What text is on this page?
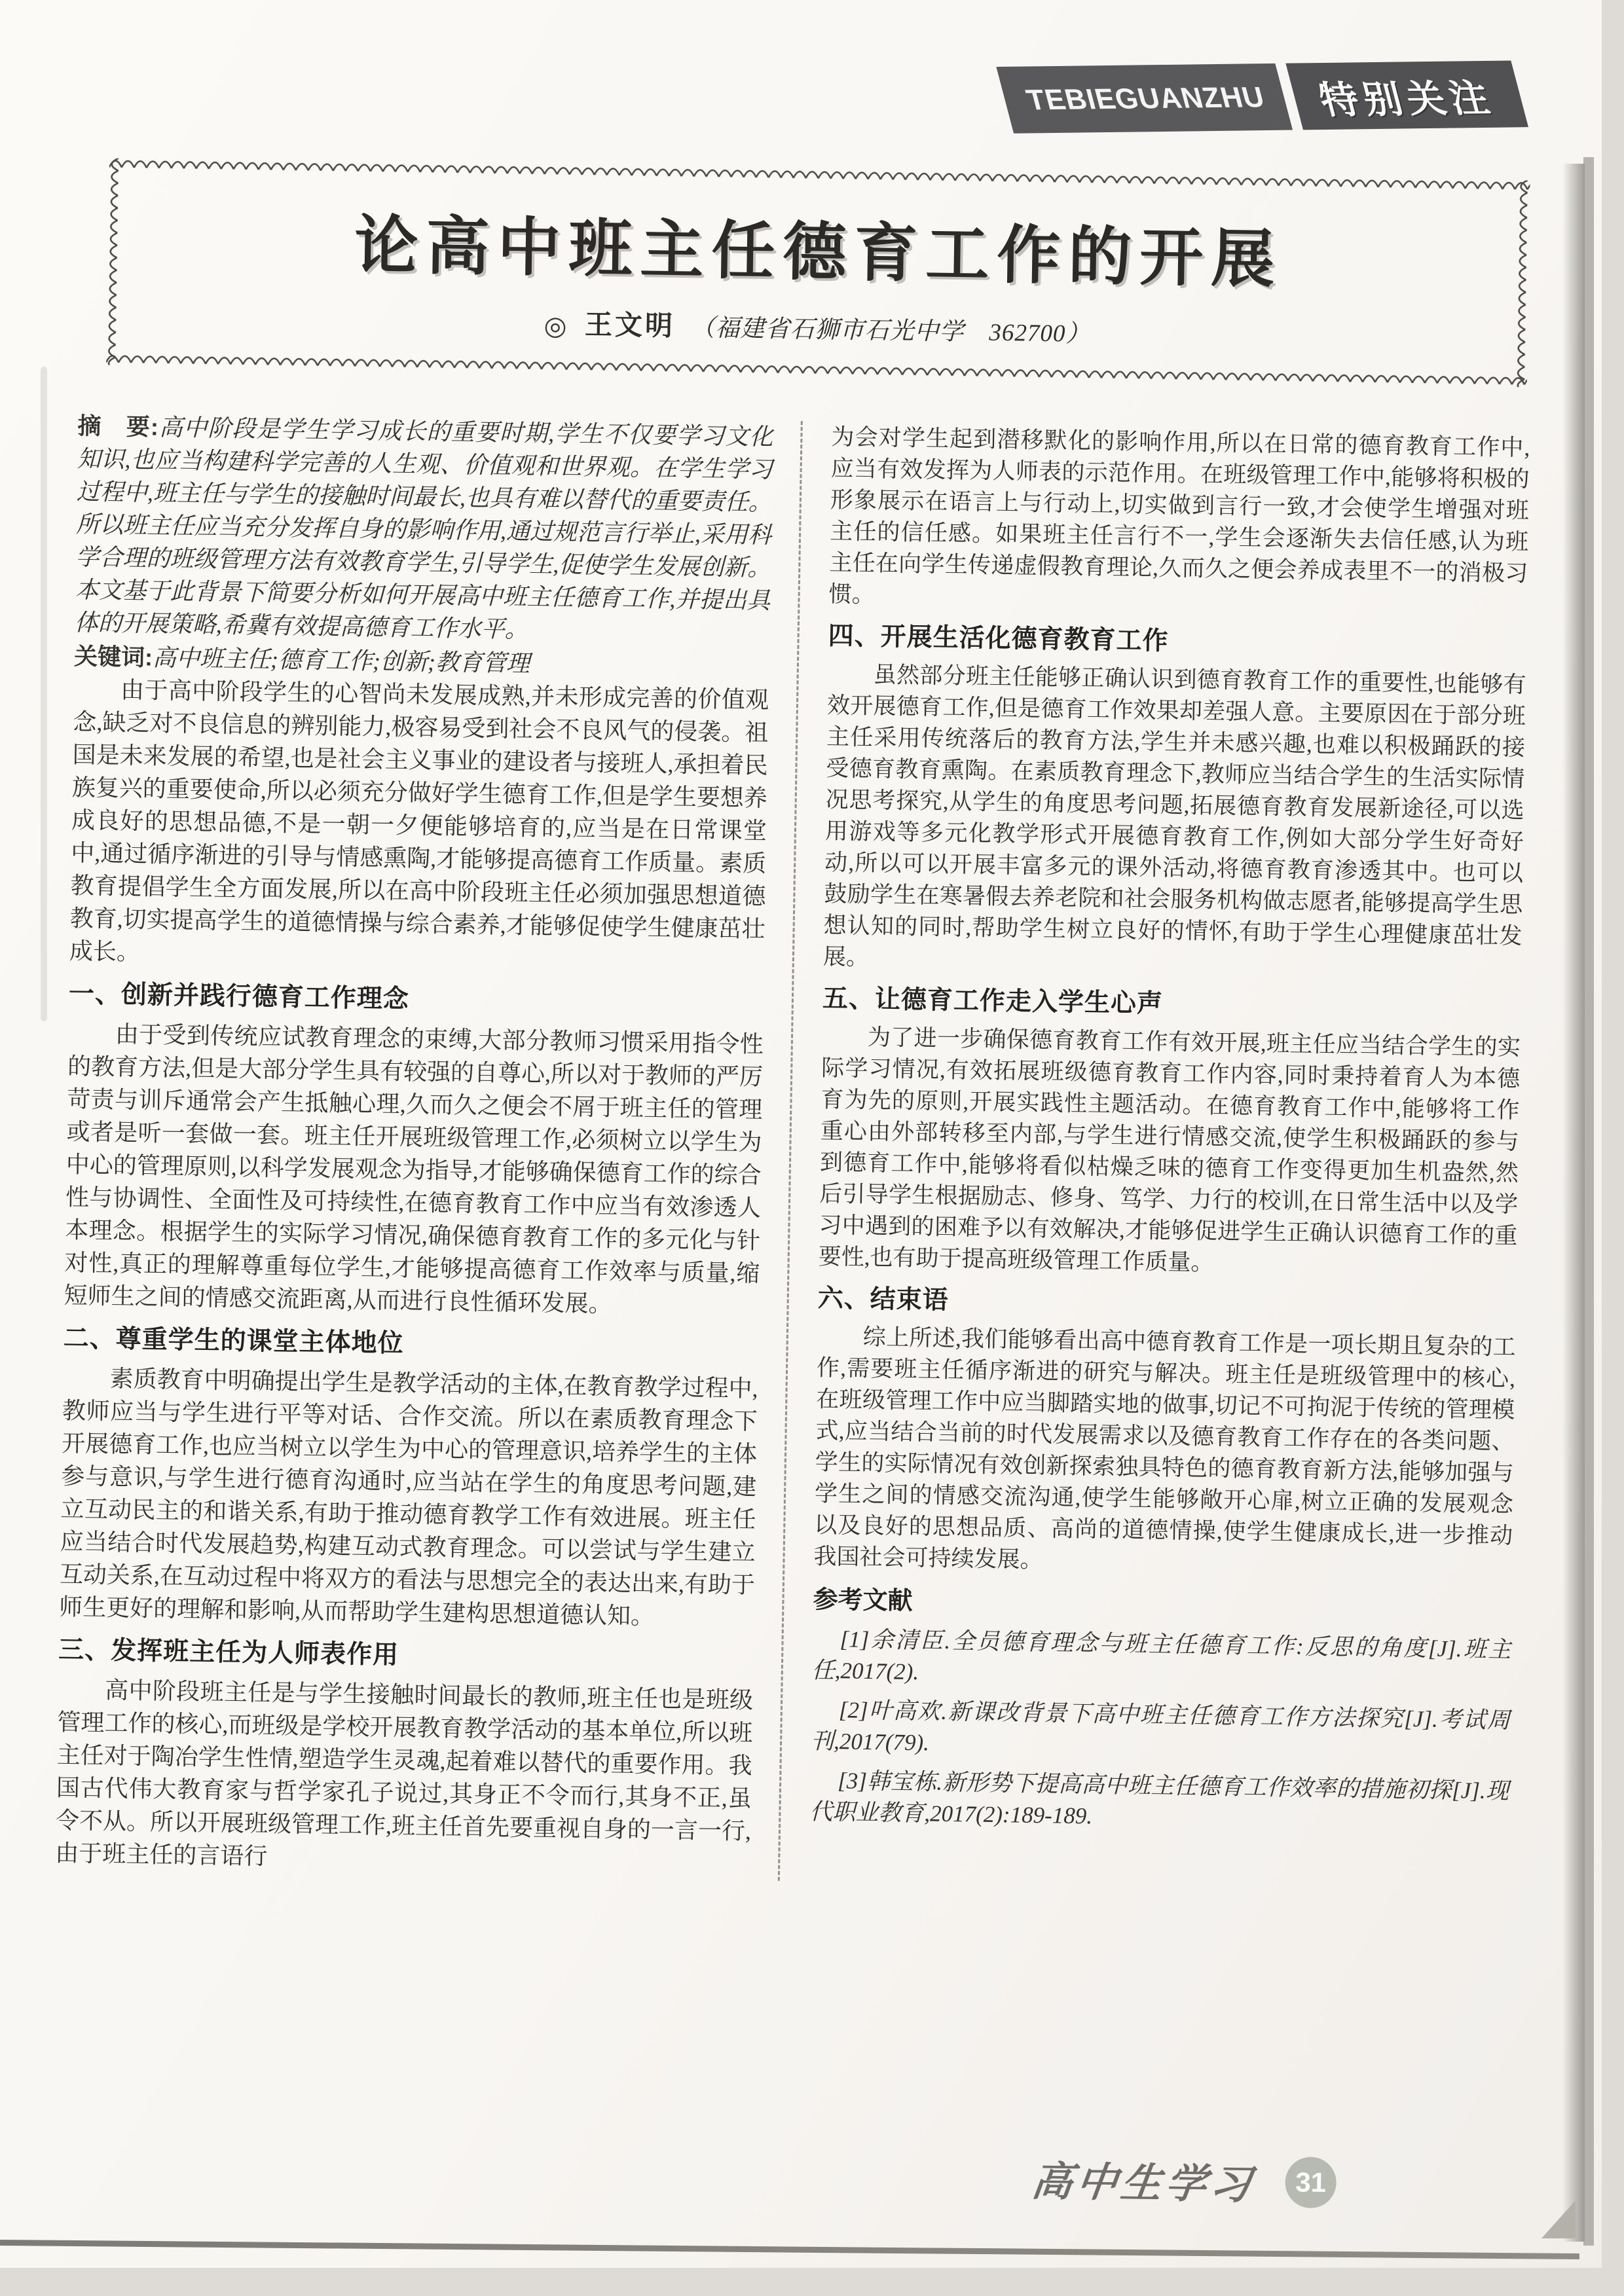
TEBIEGUANZHU	特别关注
论高中班主任德育工作的开展
◎ 王文明 （福建省石狮市石光中学　362700）

摘　要:高中阶段是学生学习成长的重要时期,学生不仅要学习文化知识,也应当构建科学完善的人生观、价值观和世界观。在学生学习过程中,班主任与学生的接触时间最长,也具有难以替代的重要责任。所以班主任应当充分发挥自身的影响作用,通过规范言行举止,采用科学合理的班级管理方法有效教育学生,引导学生,促使学生发展创新。本文基于此背景下简要分析如何开展高中班主任德育工作,并提出具体的开展策略,希冀有效提高德育工作水平。

关键词:高中班主任;德育工作;创新;教育管理

由于高中阶段学生的心智尚未发展成熟,并未形成完善的价值观念,缺乏对不良信息的辨别能力,极容易受到社会不良风气的侵袭。祖国是未来发展的希望,也是社会主义事业的建设者与接班人,承担着民族复兴的重要使命,所以必须充分做好学生德育工作,但是学生要想养成良好的思想品德,不是一朝一夕便能够培育的,应当是在日常课堂中,通过循序渐进的引导与情感熏陶,才能够提高德育工作质量。素质教育提倡学生全方面发展,所以在高中阶段班主任必须加强思想道德教育,切实提高学生的道德情操与综合素养,才能够促使学生健康茁壮成长。

一、创新并践行德育工作理念

由于受到传统应试教育理念的束缚,大部分教师习惯采用指令性的教育方法,但是大部分学生具有较强的自尊心,所以对于教师的严厉苛责与训斥通常会产生抵触心理,久而久之便会不屑于班主任的管理或者是听一套做一套。班主任开展班级管理工作,必须树立以学生为中心的管理原则,以科学发展观念为指导,才能够确保德育工作的综合性与协调性、全面性及可持续性,在德育教育工作中应当有效渗透人本理念。根据学生的实际学习情况,确保德育教育工作的多元化与针对性,真正的理解尊重每位学生,才能够提高德育工作效率与质量,缩短师生之间的情感交流距离,从而进行良性循环发展。

二、尊重学生的课堂主体地位

素质教育中明确提出学生是教学活动的主体,在教育教学过程中,教师应当与学生进行平等对话、合作交流。所以在素质教育理念下开展德育工作,也应当树立以学生为中心的管理意识,培养学生的主体参与意识,与学生进行德育沟通时,应当站在学生的角度思考问题,建立互动民主的和谐关系,有助于推动德育教学工作有效进展。班主任应当结合时代发展趋势,构建互动式教育理念。可以尝试与学生建立互动关系,在互动过程中将双方的看法与思想完全的表达出来,有助于师生更好的理解和影响,从而帮助学生建构思想道德认知。

三、发挥班主任为人师表作用

高中阶段班主任是与学生接触时间最长的教师,班主任也是班级管理工作的核心,而班级是学校开展教育教学活动的基本单位,所以班主任对于陶冶学生性情,塑造学生灵魂,起着难以替代的重要作用。我国古代伟大教育家与哲学家孔子说过,其身正不令而行,其身不正,虽令不从。所以开展班级管理工作,班主任首先要重视自身的一言一行,由于班主任的言语行

为会对学生起到潜移默化的影响作用,所以在日常的德育教育工作中,应当有效发挥为人师表的示范作用。在班级管理工作中,能够将积极的形象展示在语言上与行动上,切实做到言行一致,才会使学生增强对班主任的信任感。如果班主任言行不一,学生会逐渐失去信任感,认为班主任在向学生传递虚假教育理论,久而久之便会养成表里不一的消极习惯。

四、开展生活化德育教育工作

虽然部分班主任能够正确认识到德育教育工作的重要性,也能够有效开展德育工作,但是德育工作效果却差强人意。主要原因在于部分班主任采用传统落后的教育方法,学生并未感兴趣,也难以积极踊跃的接受德育教育熏陶。在素质教育理念下,教师应当结合学生的生活实际情况思考探究,从学生的角度思考问题,拓展德育教育发展新途径,可以选用游戏等多元化教学形式开展德育教育工作,例如大部分学生好奇好动,所以可以开展丰富多元的课外活动,将德育教育渗透其中。也可以鼓励学生在寒暑假去养老院和社会服务机构做志愿者,能够提高学生思想认知的同时,帮助学生树立良好的情怀,有助于学生心理健康茁壮发展。

五、让德育工作走入学生心声

为了进一步确保德育教育工作有效开展,班主任应当结合学生的实际学习情况,有效拓展班级德育教育工作内容,同时秉持着育人为本德育为先的原则,开展实践性主题活动。在德育教育工作中,能够将工作重心由外部转移至内部,与学生进行情感交流,使学生积极踊跃的参与到德育工作中,能够将看似枯燥乏味的德育工作变得更加生机盎然,然后引导学生根据励志、修身、笃学、力行的校训,在日常生活中以及学习中遇到的困难予以有效解决,才能够促进学生正确认识德育工作的重要性,也有助于提高班级管理工作质量。

六、结束语

综上所述,我们能够看出高中德育教育工作是一项长期且复杂的工作,需要班主任循序渐进的研究与解决。班主任是班级管理中的核心,在班级管理工作中应当脚踏实地的做事,切记不可拘泥于传统的管理模式,应当结合当前的时代发展需求以及德育教育工作存在的各类问题、学生的实际情况有效创新探索独具特色的德育教育新方法,能够加强与学生之间的情感交流沟通,使学生能够敞开心扉,树立正确的发展观念以及良好的思想品质、高尚的道德情操,使学生健康成长,进一步推动我国社会可持续发展。

参考文献

[1]余清臣.全员德育理念与班主任德育工作:反思的角度[J].班主任,2017(2).

[2]叶高欢.新课改背景下高中班主任德育工作方法探究[J].考试周刊,2017(79).

[3]韩宝栋.新形势下提高高中班主任德育工作效率的措施初探[J].现代职业教育,2017(2):189-189.

高中生学习	31
